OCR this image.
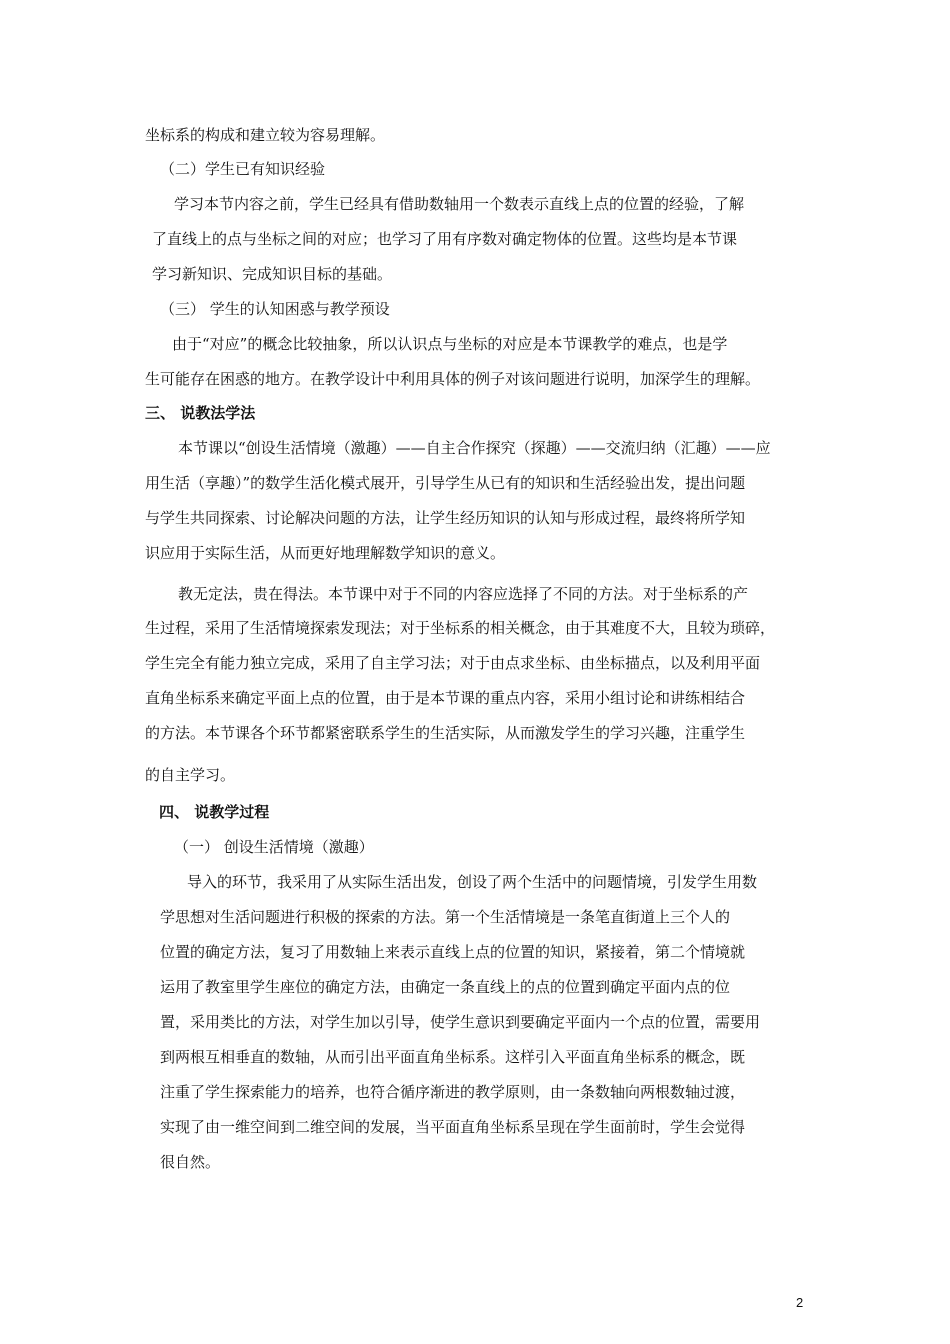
坐标系的构成和建立较为容易理解。
（二）学生已有知识经验
学习本节内容之前，学生已经具有借助数轴用一个数表示直线上点的位置的经验，了解
了直线上的点与坐标之间的对应；也学习了用有序数对确定物体的位置。这些均是本节课
学习新知识、完成知识目标的基础。
（三） 学生的认知困惑与教学预设
由于“对应”的概念比较抽象，所以认识点与坐标的对应是本节课教学的难点，也是学
生可能存在困惑的地方。在教学设计中利用具体的例子对该问题进行说明，加深学生的理解。
三、 说教法学法
本节课以“创设生活情境（激趣）——自主合作探究（探趣）——交流归纳（汇趣）——应
用生活（享趣）”的数学生活化模式展开，引导学生从已有的知识和生活经验出发，提出问题
与学生共同探索、讨论解决问题的方法，让学生经历知识的认知与形成过程，最终将所学知
识应用于实际生活，从而更好地理解数学知识的意义。
教无定法，贵在得法。本节课中对于不同的内容应选择了不同的方法。对于坐标系的产
生过程，采用了生活情境探索发现法；对于坐标系的相关概念，由于其难度不大，且较为琐碎，
学生完全有能力独立完成，采用了自主学习法；对于由点求坐标、由坐标描点，以及利用平面
直角坐标系来确定平面上点的位置，由于是本节课的重点内容，采用小组讨论和讲练相结合
的方法。本节课各个环节都紧密联系学生的生活实际，从而激发学生的学习兴趣，注重学生
的自主学习。
四、 说教学过程
（一） 创设生活情境（激趣）
导入的环节，我采用了从实际生活出发，创设了两个生活中的问题情境，引发学生用数
学思想对生活问题进行积极的探索的方法。第一个生活情境是一条笔直街道上三个人的
位置的确定方法，复习了用数轴上来表示直线上点的位置的知识，紧接着，第二个情境就
运用了教室里学生座位的确定方法，由确定一条直线上的点的位置到确定平面内点的位
置，采用类比的方法，对学生加以引导，使学生意识到要确定平面内一个点的位置，需要用
到两根互相垂直的数轴，从而引出平面直角坐标系。这样引入平面直角坐标系的概念，既
注重了学生探索能力的培养，也符合循序渐进的教学原则，由一条数轴向两根数轴过渡，
实现了由一维空间到二维空间的发展，当平面直角坐标系呈现在学生面前时，学生会觉得
很自然。
2
